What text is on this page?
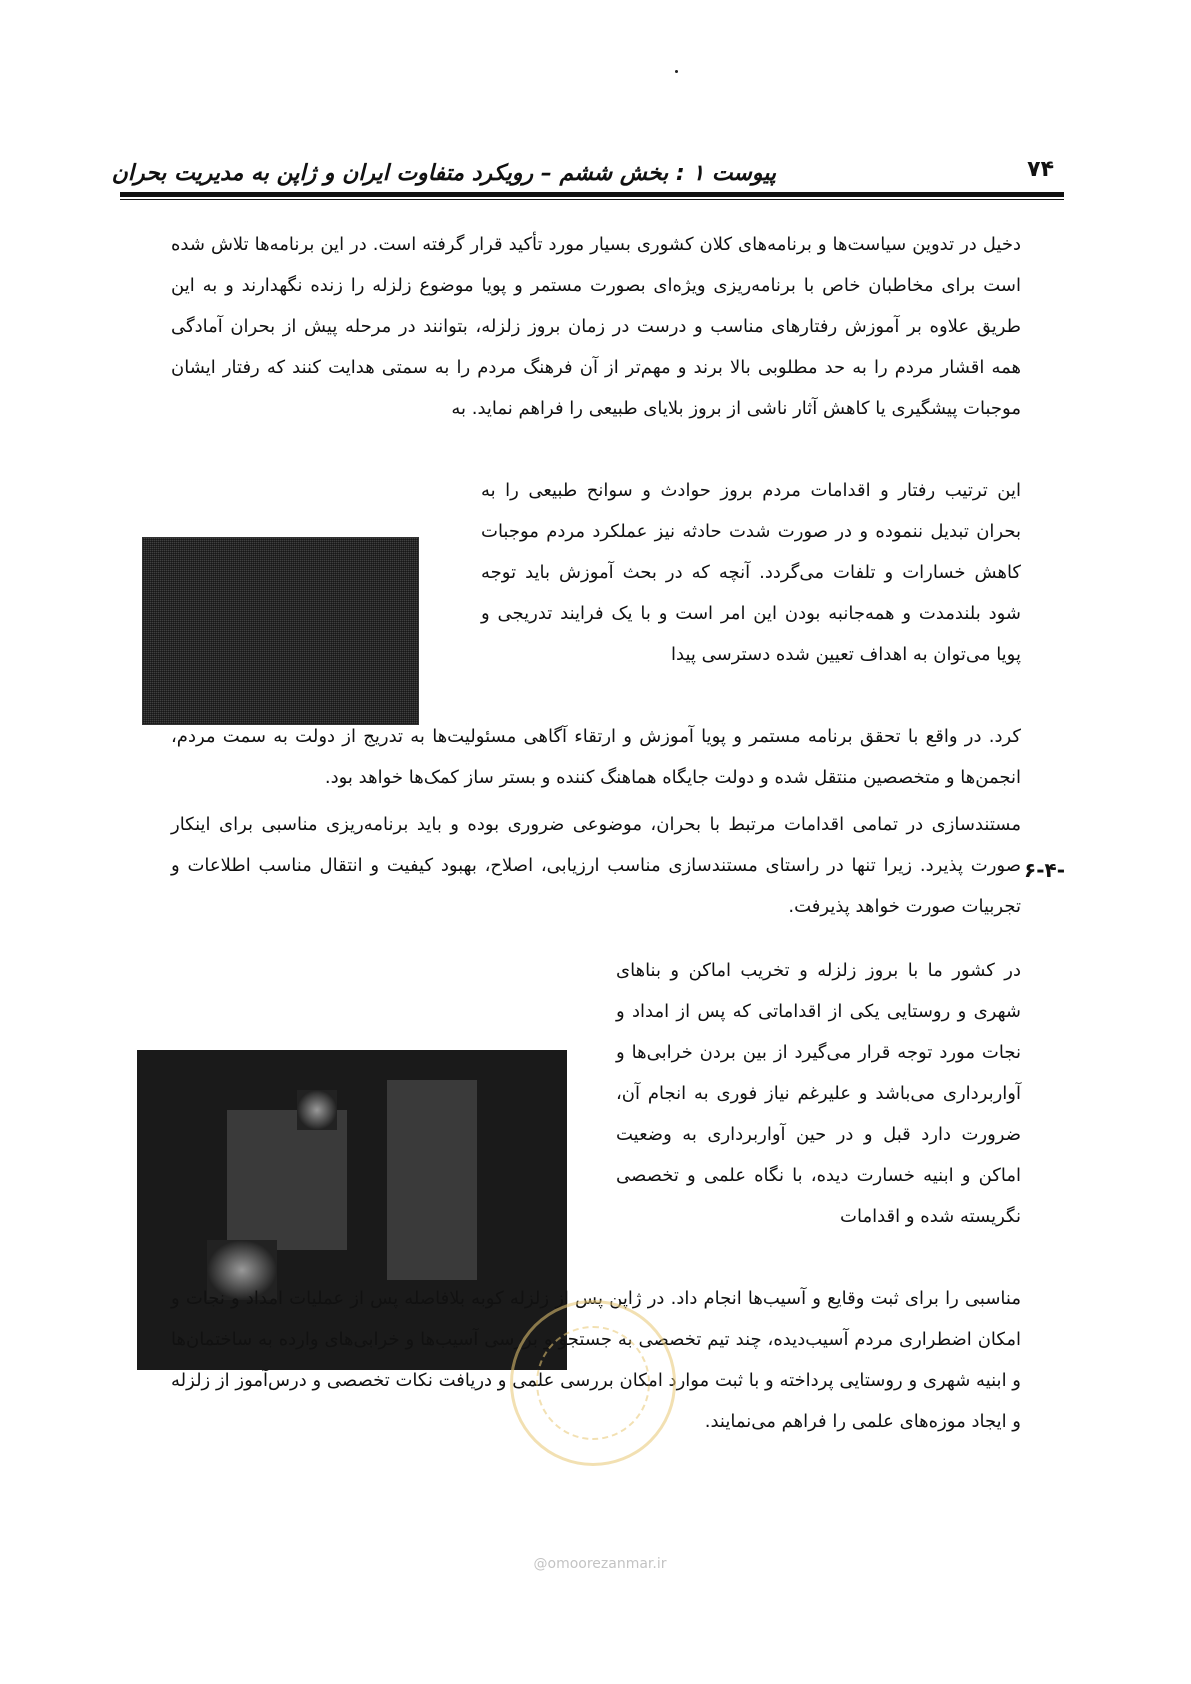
پیوست ۱ : بخش ششم – رویکرد متفاوت ایران و ژاپن به مدیریت بحران	۷۴
دخیل در تدوین سیاست‌ها و برنامه‌های کلان کشوری بسیار مورد تأکید قرار گرفته است. در این برنامه‌ها تلاش شده است برای مخاطبان خاص با برنامه‌ریزی ویژه‌ای بصورت مستمر و پویا موضوع زلزله را زنده نگهدارند و به این طریق علاوه بر آموزش رفتارهای مناسب و درست در زمان بروز زلزله، بتوانند در مرحله پیش از بحران آمادگی همه اقشار مردم را به حد مطلوبی بالا برند و مهم‌تر از آن فرهنگ مردم را به سمتی هدایت کنند که رفتار ایشان موجبات پیشگیری یا کاهش آثار ناشی از بروز بلایای طبیعی را فراهم نماید. به
این ترتیب رفتار و اقدامات مردم بروز حوادث و سوانح طبیعی را به بحران تبدیل ننموده و در صورت شدت حادثه نیز عملکرد مردم موجبات کاهش خسارات و تلفات می‌گردد. آنچه که در بحث آموزش باید توجه شود بلندمدت و همه‌جانبه بودن این امر است و با یک فرایند تدریجی و پویا می‌توان به اهداف تعیین شده دسترسی پیدا
کرد. در واقع با تحقق برنامه مستمر و پویا آموزش و ارتقاء آگاهی مسئولیت‌ها به تدریج از دولت به سمت مردم، انجمن‌ها و متخصصین منتقل شده و دولت جایگاه هماهنگ کننده و بستر ساز کمک‌ها خواهد بود.
۶-۴-
مستندسازی در تمامی اقدامات مرتبط با بحران، موضوعی ضروری بوده و باید برنامه‌ریزی مناسبی برای اینکار صورت پذیرد. زیرا تنها در راستای مستندسازی مناسب ارزیابی، اصلاح، بهبود کیفیت و انتقال مناسب اطلاعات و تجربیات صورت خواهد پذیرفت.
در کشور ما با بروز زلزله و تخریب اماکن و بناهای شهری و روستایی یکی از اقداماتی که پس از امداد و نجات مورد توجه قرار می‌گیرد از بین بردن خرابی‌ها و آواربرداری می‌باشد و علیرغم نیاز فوری به انجام آن، ضرورت دارد قبل و در حین آواربرداری به وضعیت اماکن و ابنیه خسارت دیده، با نگاه علمی و تخصصی نگریسته شده و اقدامات
مناسبی را برای ثبت وقایع و آسیب‌ها انجام داد. در ژاپن پس از زلزله کوبه بلافاصله پس از عملیات امداد و نجات و امکان اضطراری مردم آسیب‌دیده، چند تیم تخصصی به جستجو و بررسی آسیب‌ها و خرابی‌های وارده به ساختمان‌ها و ابنیه شهری و روستایی پرداخته و با ثبت موارد امکان بررسی علمی و دریافت نکات تخصصی و درس‌آموز از زلزله و ایجاد موزه‌های علمی را فراهم می‌نمایند.
@omoorezanmar.ir
